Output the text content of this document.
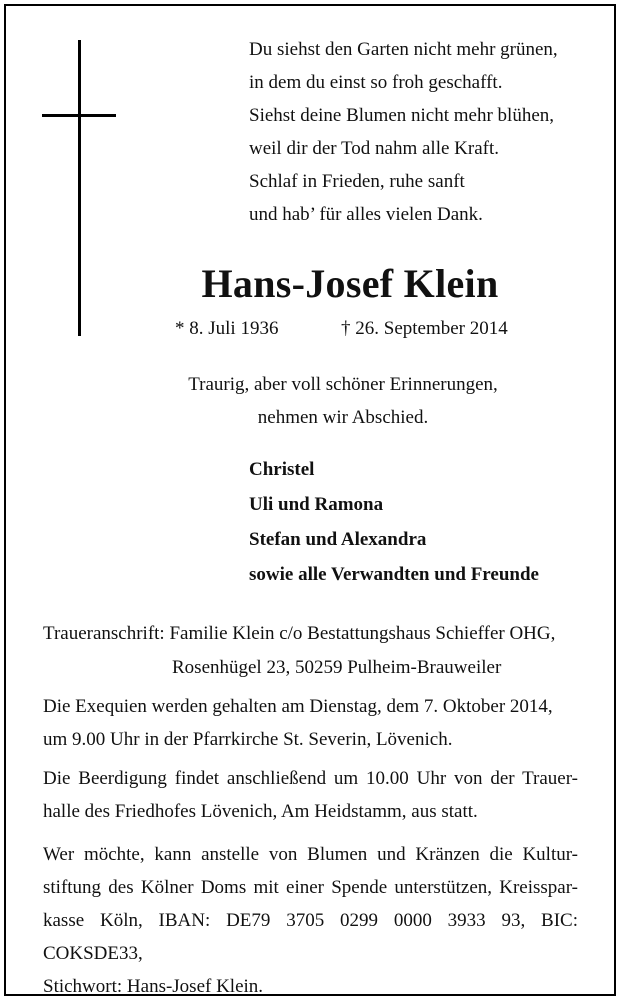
Du siehst den Garten nicht mehr grünen,
in dem du einst so froh geschafft.
Siehst deine Blumen nicht mehr blühen,
weil dir der Tod nahm alle Kraft.
Schlaf in Frieden, ruhe sanft
und hab’ für alles vielen Dank.
Hans-Josef Klein
* 8. Juli 1936	† 26. September 2014
Traurig, aber voll schöner Erinnerungen,
nehmen wir Abschied.
Christel
Uli und Ramona
Stefan und Alexandra
sowie alle Verwandten und Freunde
Traueranschrift: Familie Klein c/o Bestattungshaus Schieffer OHG,
Rosenhügel 23, 50259 Pulheim-Brauweiler
Die Exequien werden gehalten am Dienstag, dem 7. Oktober 2014,
um 9.00 Uhr in der Pfarrkirche St. Severin, Lövenich.
Die Beerdigung findet anschließend um 10.00 Uhr von der Trauer-
halle des Friedhofes Lövenich, Am Heidstamm, aus statt.
Wer möchte, kann anstelle von Blumen und Kränzen die Kultur-
stiftung des Kölner Doms mit einer Spende unterstützen, Kreisspar-
kasse Köln, IBAN: DE79 3705 0299 0000 3933 93, BIC: COKSDE33,
Stichwort: Hans-Josef Klein.
